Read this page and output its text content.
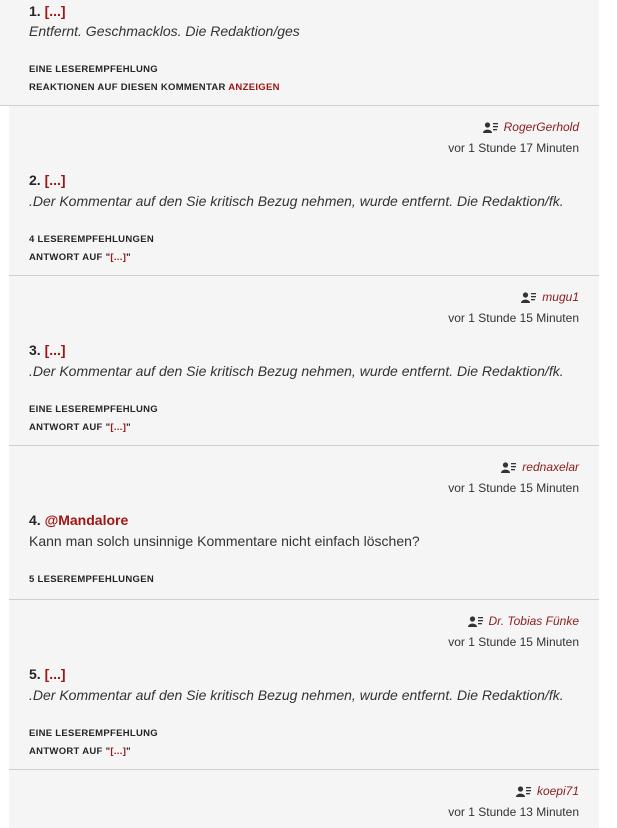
1. [...]
Entfernt. Geschmacklos. Die Redaktion/ges
EINE LESEREMPFEHLUNG
REAKTIONEN AUF DIESEN KOMMENTAR ANZEIGEN
RogerGerhold
vor 1 Stunde 17 Minuten
2. [...]
.Der Kommentar auf den Sie kritisch Bezug nehmen, wurde entfernt. Die Redaktion/fk.
4 LESEREMPFEHLUNGEN
ANTWORT AUF "[...]"
mugu1
vor 1 Stunde 15 Minuten
3. [...]
.Der Kommentar auf den Sie kritisch Bezug nehmen, wurde entfernt. Die Redaktion/fk.
EINE LESEREMPFEHLUNG
ANTWORT AUF "[...]"
rednaxelar
vor 1 Stunde 15 Minuten
4. @Mandalore
Kann man solch unsinnige Kommentare nicht einfach löschen?
5 LESEREMPFEHLUNGEN
Dr. Tobias Fünke
vor 1 Stunde 15 Minuten
5. [...]
.Der Kommentar auf den Sie kritisch Bezug nehmen, wurde entfernt. Die Redaktion/fk.
EINE LESEREMPFEHLUNG
ANTWORT AUF "[...]"
koepi71
vor 1 Stunde 13 Minuten
